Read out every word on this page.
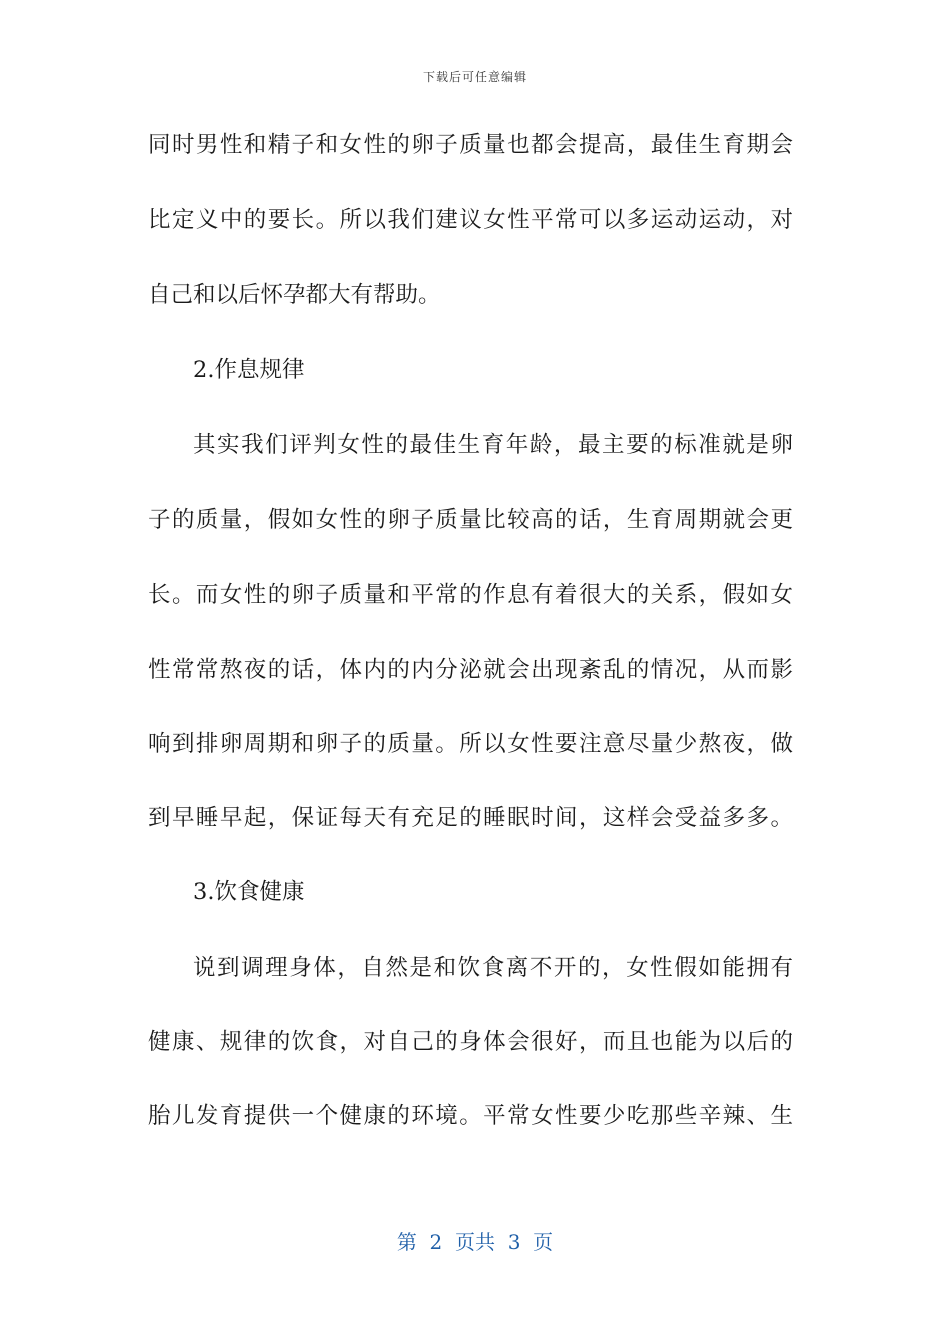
下载后可任意编辑
同时男性和精子和女性的卵子质量也都会提高，最佳生育期会
比定义中的要长。所以我们建议女性平常可以多运动运动，对
自己和以后怀孕都大有帮助。
2.作息规律
其实我们评判女性的最佳生育年龄，最主要的标准就是卵
子的质量，假如女性的卵子质量比较高的话，生育周期就会更
长。而女性的卵子质量和平常的作息有着很大的关系，假如女
性常常熬夜的话，体内的内分泌就会出现紊乱的情况，从而影
响到排卵周期和卵子的质量。所以女性要注意尽量少熬夜，做
到早睡早起，保证每天有充足的睡眠时间，这样会受益多多。
3.饮食健康
说到调理身体，自然是和饮食离不开的，女性假如能拥有
健康、规律的饮食，对自己的身体会很好，而且也能为以后的
胎儿发育提供一个健康的环境。平常女性要少吃那些辛辣、生
第  2  页共  3  页
